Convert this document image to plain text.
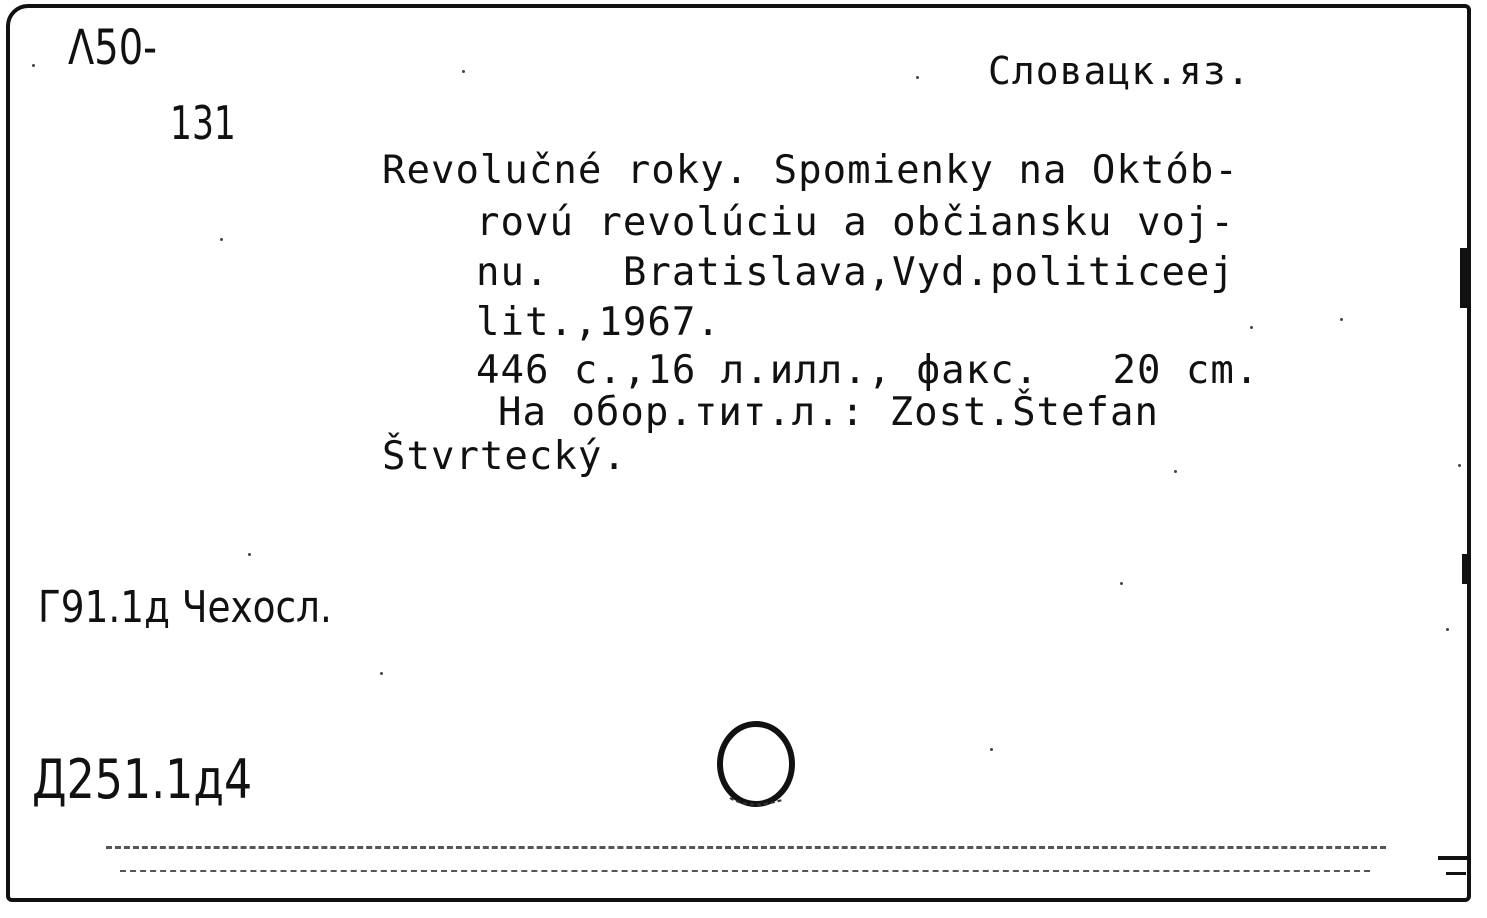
Λ50-
131
Словацк.яз.
Revolučné roky. Spomienky na Októb-
rovú revolúciu a občiansku voj-
nu.   Bratislava,Vyd.politiceej
lit.,1967.
446 c.,16 л.илл., факс.   20 cm.
На обор.тит.л.: Zost.Štefan
Štvrtecký.
Г91.1д Чехосл.
Д251.1д4
